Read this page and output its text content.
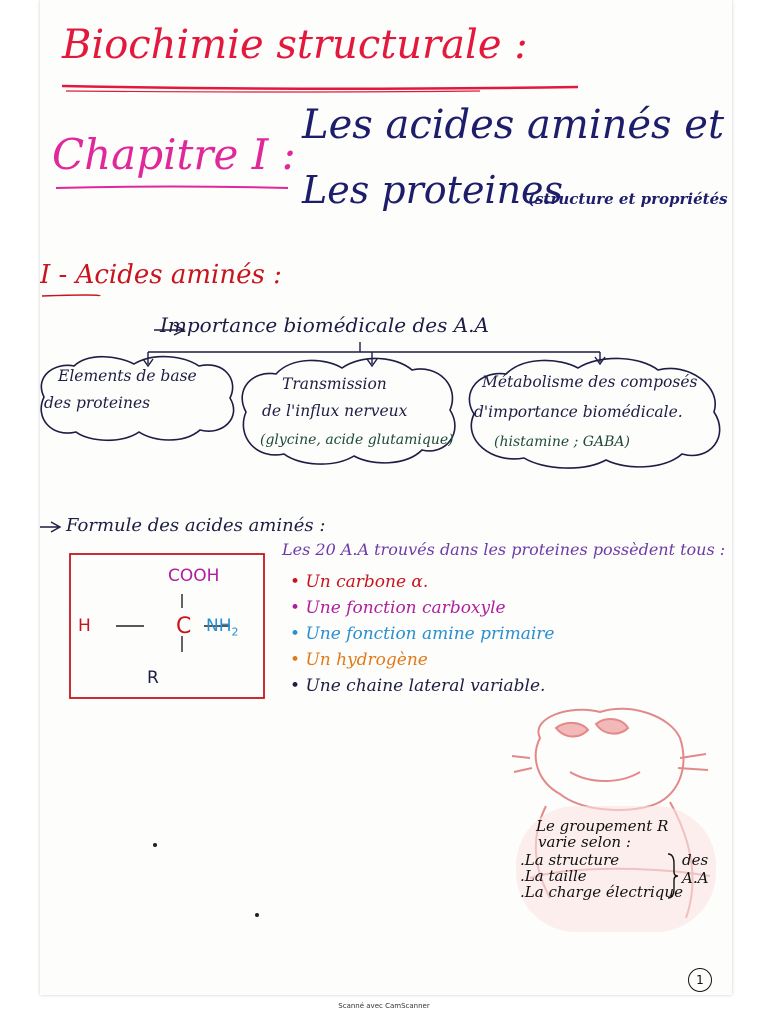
Biochimie structurale :
Chapitre I :
Les acides aminés et
Les proteines
(structure et propriétés
I - Acides aminés :
Importance biomédicale des A.A
Elements de base
des proteines
Transmission
de l'influx nerveux
(glycine, acide glutamique)
Métabolisme des composés
d'importance biomédicale.
(histamine ; GABA)
Formule des acides aminés :
COOH
H	C $NH_2$
R
Les 20 A.A trouvés dans les proteines possèdent tous :
• Un carbone α.
• Une fonction carboxyle
• Une fonction amine primaire
• Un hydrogène
• Une chaine lateral variable.
Le groupement R
varie selon :
.La structure
.La taille
.La charge électrique
des
A.A
1
Scanné avec CamScanner
